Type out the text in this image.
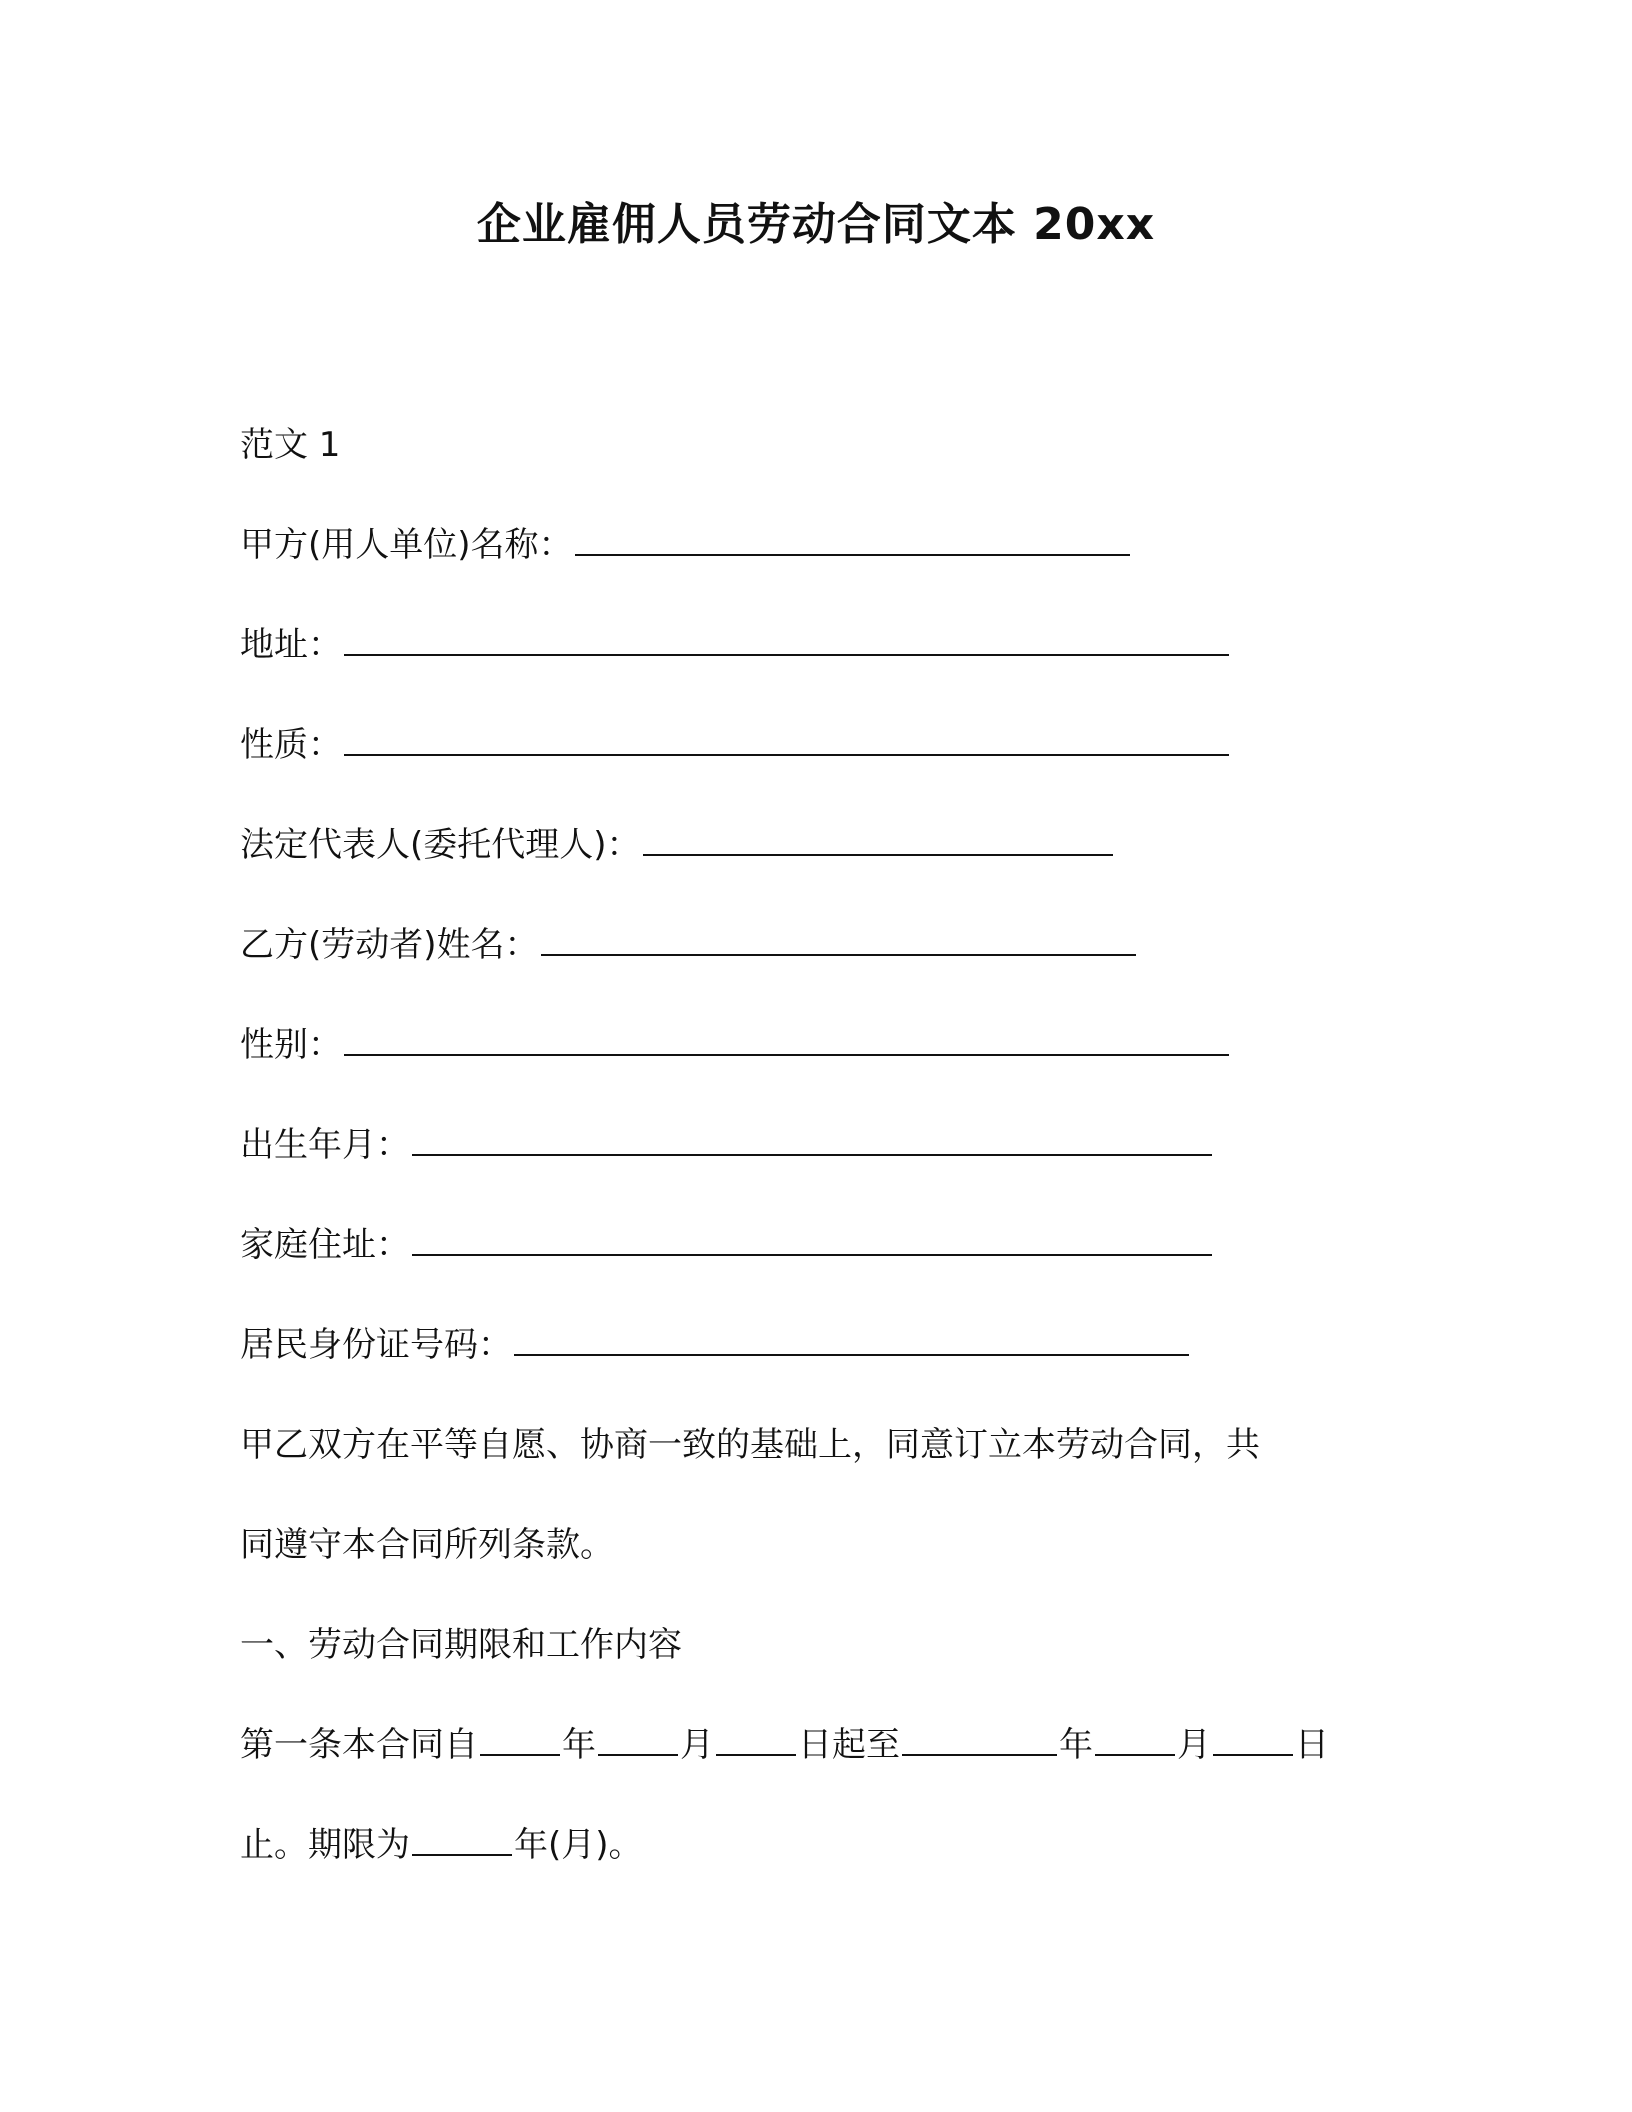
企业雇佣人员劳动合同文本 20xx

范文 1

甲方(用人单位)名称：

地址：

性质：

法定代表人(委托代理人)：

乙方(劳动者)姓名：

性别：

出生年月：

家庭住址：

居民身份证号码：

甲乙双方在平等自愿、协商一致的基础上，同意订立本劳动合同，共

同遵守本合同所列条款。

一、劳动合同期限和工作内容

第一条本合同自 年 月 日起至	年 月 日

止。期限为	年(月)。
